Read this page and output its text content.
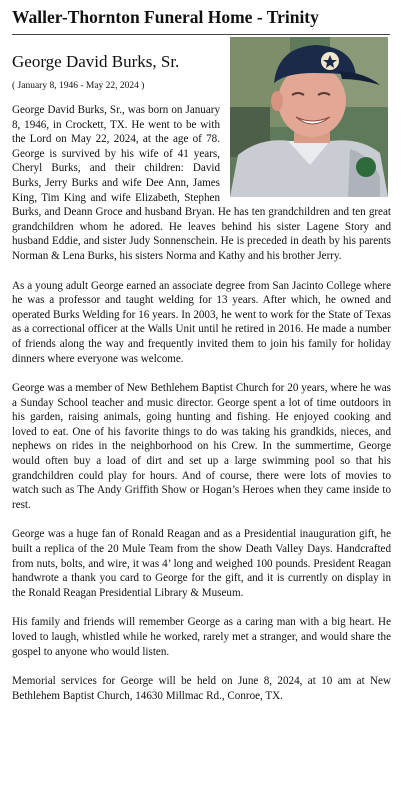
Waller-Thornton Funeral Home - Trinity
George David Burks, Sr.
( January 8, 1946 - May 22, 2024 )

George David Burks, Sr., was born on January 8, 1946, in Crockett, TX. He went to be with the Lord on May 22, 2024, at the age of 78. George is survived by his wife of 41 years, Cheryl Burks, and their children: David Burks, Jerry Burks and wife Dee Ann, James King, Tim King and wife Elizabeth, Stephen Burks, and Deann Groce and husband Bryan. He has ten grandchildren and ten great grandchildren whom he adored. He leaves behind his sister Lagene Story and husband Eddie, and sister Judy Sonnenschein. He is preceded in death by his parents Norman & Lena Burks, his sisters Norma and Kathy and his brother Jerry.

As a young adult George earned an associate degree from San Jacinto College where he was a professor and taught welding for 13 years. After which, he owned and operated Burks Welding for 16 years. In 2003, he went to work for the State of Texas as a correctional officer at the Walls Unit until he retired in 2016. He made a number of friends along the way and frequently invited them to join his family for holiday dinners where everyone was welcome.

George was a member of New Bethlehem Baptist Church for 20 years, where he was a Sunday School teacher and music director. George spent a lot of time outdoors in his garden, raising animals, going hunting and fishing. He enjoyed cooking and loved to eat. One of his favorite things to do was taking his grandkids, nieces, and nephews on rides in the neighborhood on his Crew. In the summertime, George would often buy a load of dirt and set up a large swimming pool so that his grandchildren could play for hours. And of course, there were lots of movies to watch such as The Andy Griffith Show or Hogan’s Heroes when they came inside to rest.

George was a huge fan of Ronald Reagan and as a Presidential inauguration gift, he built a replica of the 20 Mule Team from the show Death Valley Days. Handcrafted from nuts, bolts, and wire, it was 4’ long and weighed 100 pounds. President Reagan handwrote a thank you card to George for the gift, and it is currently on display in the Ronald Reagan Presidential Library & Museum.

His family and friends will remember George as a caring man with a big heart. He loved to laugh, whistled while he worked, rarely met a stranger, and would share the gospel to anyone who would listen.

Memorial services for George will be held on June 8, 2024, at 10 am at New Bethlehem Baptist Church, 14630 Millmac Rd., Conroe, TX.
